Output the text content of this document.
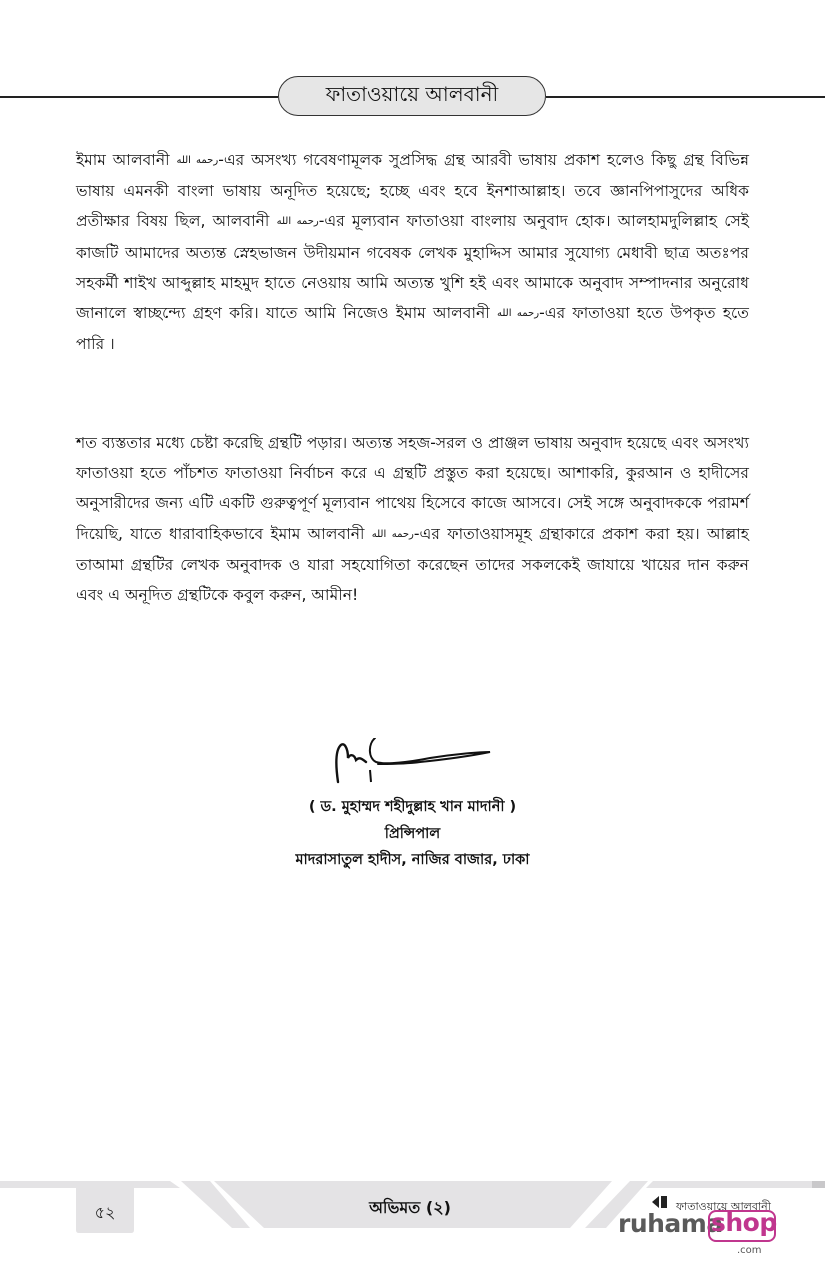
ফাতাওয়ায়ে আলবানী

ইমাম আলবানী رحمه الله-এর অসংখ্য গবেষণামূলক সুপ্রসিদ্ধ গ্রন্থ আরবী ভাষায় প্রকাশ হলেও কিছু গ্রন্থ বিভিন্ন ভাষায় এমনকী বাংলা ভাষায় অনূদিত হয়েছে; হচ্ছে এবং হবে ইনশাআল্লাহ। তবে জ্ঞানপিপাসুদের অধিক প্রতীক্ষার বিষয় ছিল, আলবানী رحمه الله-এর মূল্যবান ফাতাওয়া বাংলায় অনুবাদ হোক। আলহামদুলিল্লাহ সেই কাজটি আমাদের অত্যন্ত স্নেহভাজন উদীয়মান গবেষক লেখক মুহাদ্দিস আমার সুযোগ্য মেধাবী ছাত্র অতঃপর সহকর্মী শাইখ আব্দুল্লাহ মাহমুদ হাতে নেওয়ায় আমি অত্যন্ত খুশি হই এবং আমাকে অনুবাদ সম্পাদনার অনুরোধ জানালে স্বাচ্ছন্দ্যে গ্রহণ করি। যাতে আমি নিজেও ইমাম আলবানী رحمه الله-এর ফাতাওয়া হতে উপকৃত হতে পারি ।

শত ব্যস্ততার মধ্যে চেষ্টা করেছি গ্রন্থটি পড়ার। অত্যন্ত সহজ-সরল ও প্রাঞ্জল ভাষায় অনুবাদ হয়েছে এবং অসংখ্য ফাতাওয়া হতে পাঁচশত ফাতাওয়া নির্বাচন করে এ গ্রন্থটি প্রস্তুত করা হয়েছে। আশাকরি, কুরআন ও হাদীসের অনুসারীদের জন্য এটি একটি গুরুত্বপূর্ণ মূল্যবান পাথেয় হিসেবে কাজে আসবে। সেই সঙ্গে অনুবাদককে পরামর্শ দিয়েছি, যাতে ধারাবাহিকভাবে ইমাম আলবানী رحمه الله-এর ফাতাওয়াসমূহ গ্রন্থাকারে প্রকাশ করা হয়। আল্লাহ তাআমা গ্রন্থটির লেখক অনুবাদক ও যারা সহযোগিতা করেছেন তাদের সকলকেই জাযায়ে খায়ের দান করুন এবং এ অনূদিত গ্রন্থটিকে কবুল করুন, আমীন!

( ড. মুহাম্মদ শহীদুল্লাহ খান মাদানী )
প্রিন্সিপাল
মাদরাসাতুল হাদীস, নাজির বাজার, ঢাকা
৫২	অভিমত (২)	ফাতাওয়ায়ে আলবানী
ruhama
shop
.com
